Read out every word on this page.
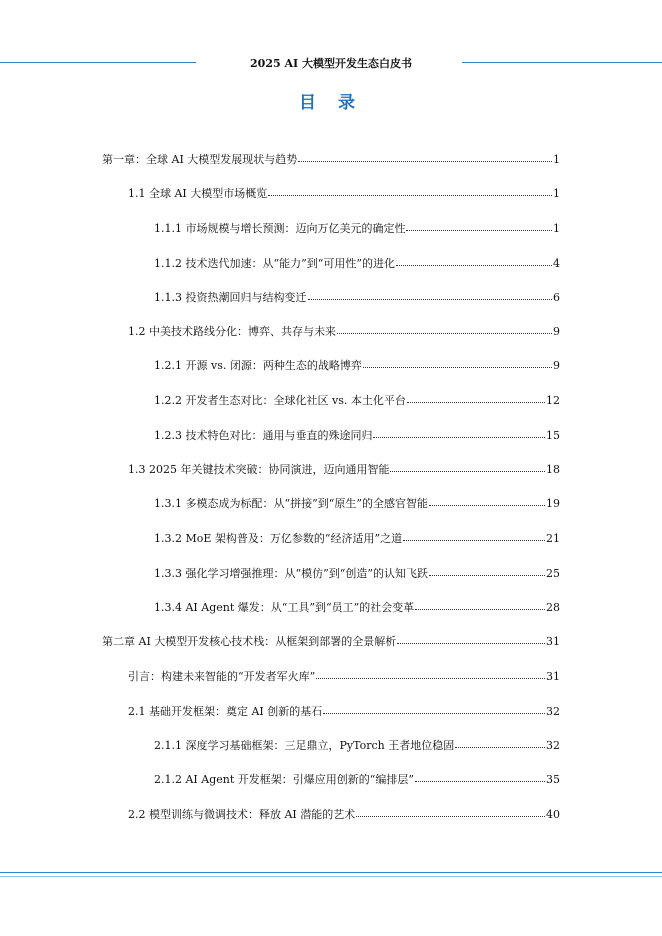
2025 AI 大模型开发生态白皮书
目 录
第一章：全球 AI 大模型发展现状与趋势	1
1.1 全球 AI 大模型市场概览	1
1.1.1 市场规模与增长预测：迈向万亿美元的确定性	1
1.1.2 技术迭代加速：从“能力”到“可用性”的进化	4
1.1.3 投资热潮回归与结构变迁	6
1.2 中美技术路线分化：博弈、共存与未来	9
1.2.1 开源 vs. 闭源：两种生态的战略博弈	9
1.2.2 开发者生态对比：全球化社区 vs. 本土化平台	12
1.2.3 技术特色对比：通用与垂直的殊途同归	15
1.3 2025 年关键技术突破：协同演进，迈向通用智能	18
1.3.1 多模态成为标配：从“拼接”到“原生”的全感官智能	19
1.3.2 MoE 架构普及：万亿参数的“经济适用”之道	21
1.3.3 强化学习增强推理：从“模仿”到“创造”的认知飞跃	25
1.3.4 AI Agent 爆发：从“工具”到“员工”的社会变革	28
第二章 AI 大模型开发核心技术栈：从框架到部署的全景解析	31
引言：构建未来智能的“开发者军火库”	31
2.1 基础开发框架：奠定 AI 创新的基石	32
2.1.1 深度学习基础框架：三足鼎立，PyTorch 王者地位稳固	32
2.1.2 AI Agent 开发框架：引爆应用创新的“编排层”	35
2.2 模型训练与微调技术：释放 AI 潜能的艺术	40
